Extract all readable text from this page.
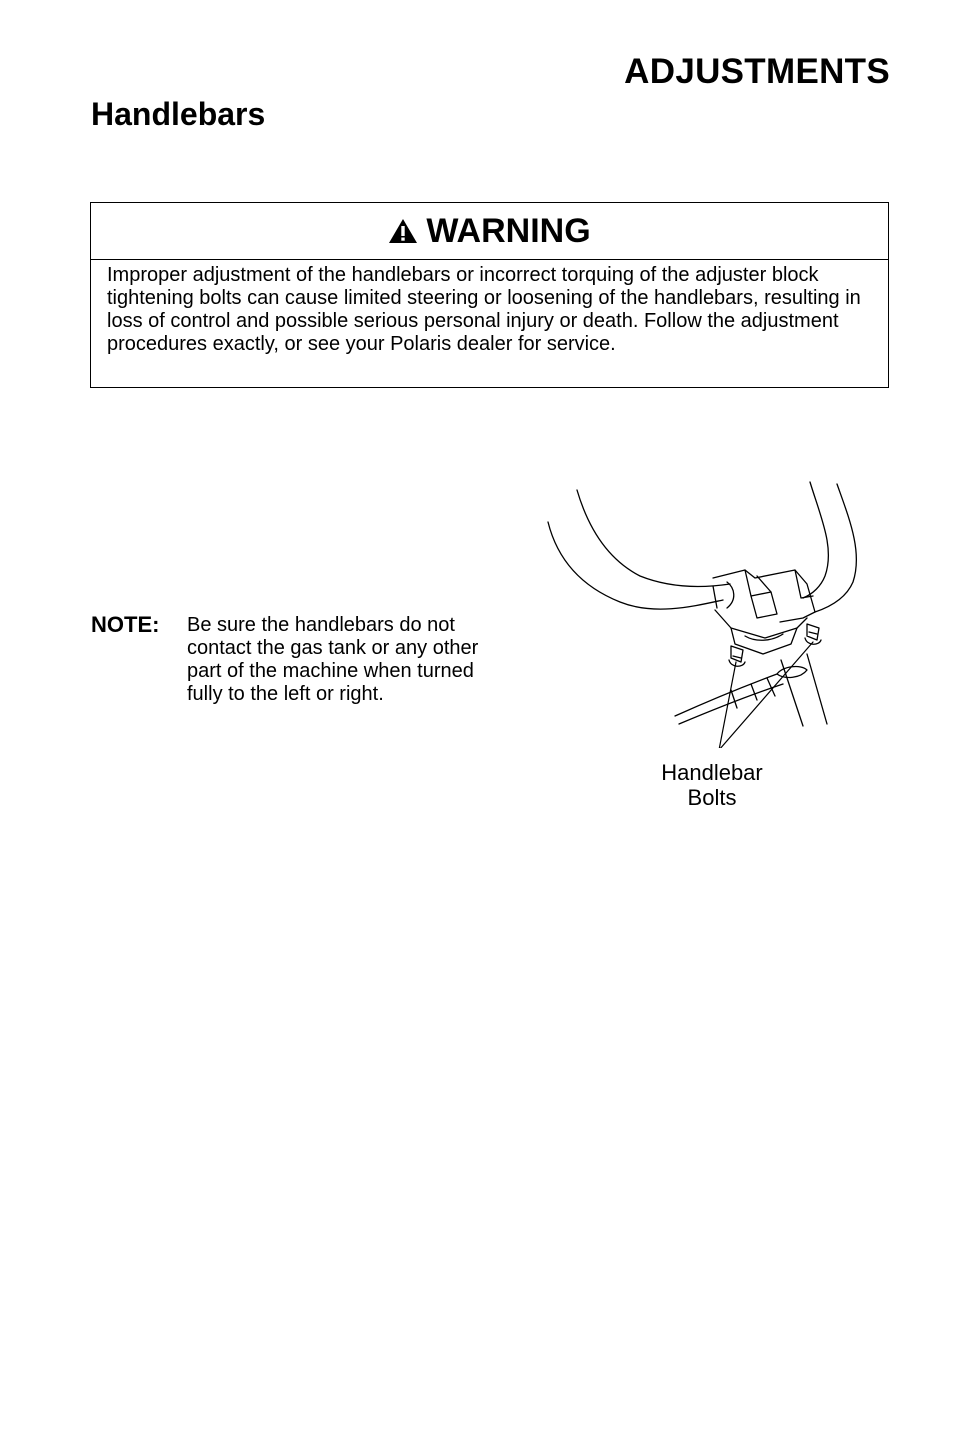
ADJUSTMENTS
Handlebars
WARNING

Improper adjustment of the handlebars or incorrect torquing of the adjuster block tightening bolts can cause limited steering or loosening of the handlebars, resulting in loss of control and possible serious personal injury or death. Follow the adjustment procedures exactly, or see your Polaris dealer for service.

NOTE:	Be sure the handlebars do not contact the gas tank or any other part of the machine when turned fully to the left or right.
Handlebar
Bolts
